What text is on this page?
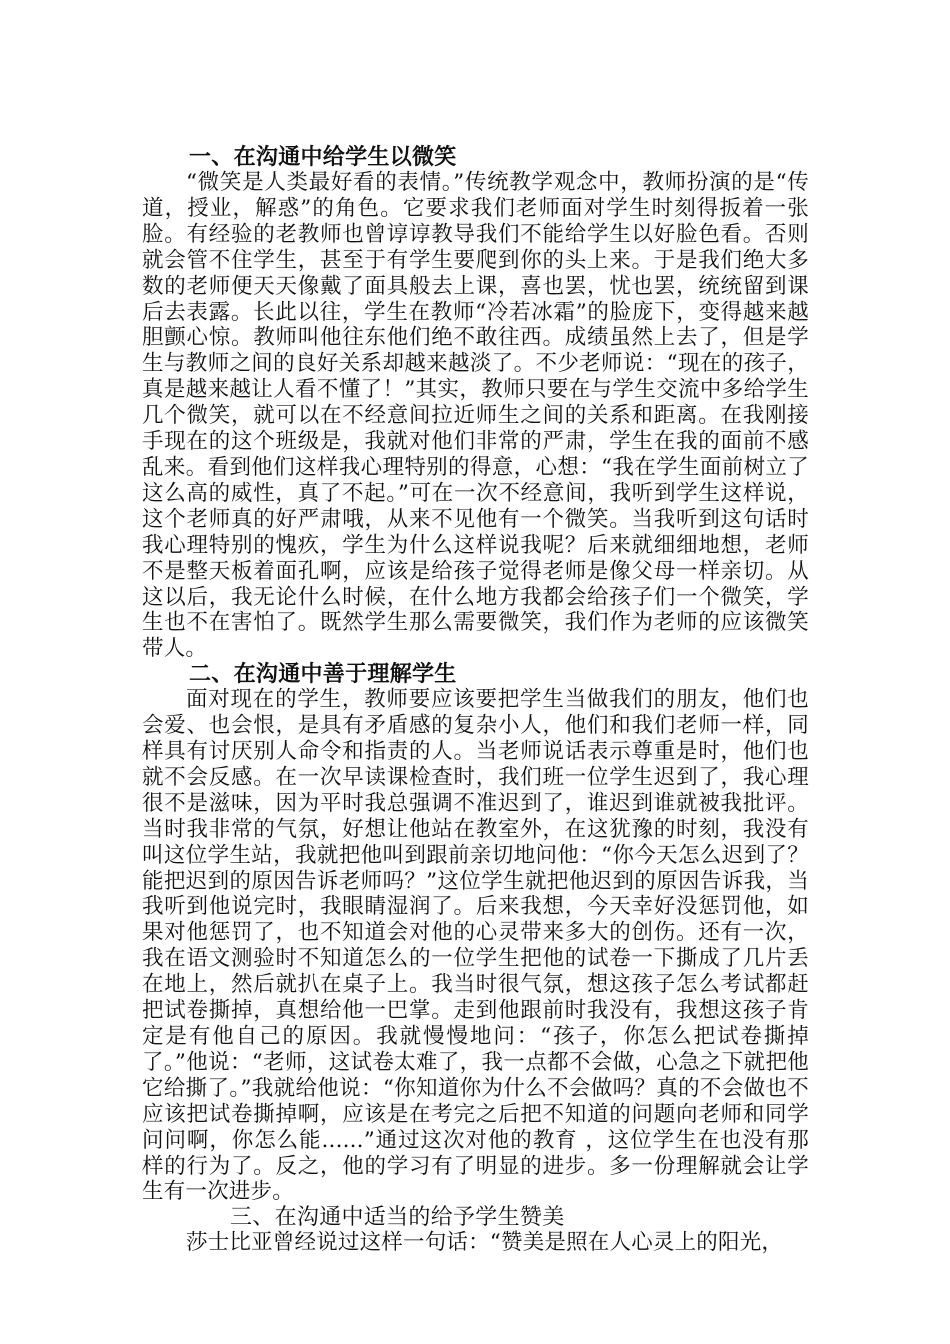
一、在沟通中给学生以微笑

“微笑是人类最好看的表情。”传统教学观念中，教师扮演的是“传道，授业，解惑”的角色。它要求我们老师面对学生时刻得扳着一张脸。有经验的老教师也曾谆谆教导我们不能给学生以好脸色看。否则就会管不住学生，甚至于有学生要爬到你的头上来。于是我们绝大多数的老师便天天像戴了面具般去上课，喜也罢，忧也罢，统统留到课后去表露。长此以往，学生在教师“冷若冰霜”的脸庞下，变得越来越胆颤心惊。教师叫他往东他们绝不敢往西。成绩虽然上去了，但是学生与教师之间的良好关系却越来越淡了。不少老师说：“现在的孩子，真是越来越让人看不懂了！”其实，教师只要在与学生交流中多给学生几个微笑，就可以在不经意间拉近师生之间的关系和距离。在我刚接手现在的这个班级是，我就对他们非常的严肃，学生在我的面前不感乱来。看到他们这样我心理特别的得意，心想：“我在学生面前树立了这么高的威性，真了不起。”可在一次不经意间，我听到学生这样说，这个老师真的好严肃哦，从来不见他有一个微笑。当我听到这句话时我心理特别的愧疚，学生为什么这样说我呢？后来就细细地想，老师不是整天板着面孔啊，应该是给孩子觉得老师是像父母一样亲切。从这以后，我无论什么时候，在什么地方我都会给孩子们一个微笑，学生也不在害怕了。既然学生那么需要微笑，我们作为老师的应该微笑带人。

二、在沟通中善于理解学生

面对现在的学生，教师要应该要把学生当做我们的朋友，他们也会爱、也会恨，是具有矛盾感的复杂小人，他们和我们老师一样，同样具有讨厌别人命令和指责的人。当老师说话表示尊重是时，他们也就不会反感。在一次早读课检查时，我们班一位学生迟到了，我心理很不是滋味，因为平时我总强调不准迟到了，谁迟到谁就被我批评。当时我非常的气氛，好想让他站在教室外，在这犹豫的时刻，我没有叫这位学生站，我就把他叫到跟前亲切地问他：“你今天怎么迟到了？能把迟到的原因告诉老师吗？”这位学生就把他迟到的原因告诉我，当我听到他说完时，我眼睛湿润了。后来我想，今天幸好没惩罚他，如果对他惩罚了，也不知道会对他的心灵带来多大的创伤。还有一次，我在语文测验时不知道怎么的一位学生把他的试卷一下撕成了几片丢在地上，然后就扒在桌子上。我当时很气氛，想这孩子怎么考试都赶把试卷撕掉，真想给他一巴掌。走到他跟前时我没有，我想这孩子肯定是有他自己的原因。我就慢慢地问：“孩子，你怎么把试卷撕掉了。”他说：“老师，这试卷太难了，我一点都不会做，心急之下就把他它给撕了。”我就给他说：“你知道你为什么不会做吗？真的不会做也不应该把试卷撕掉啊，应该是在考完之后把不知道的问题向老师和同学问问啊，你怎么能......”通过这次对他的教育 ，这位学生在也没有那样的行为了。反之，他的学习有了明显的进步。多一份理解就会让学生有一次进步。

三、在沟通中适当的给予学生赞美

莎士比亚曾经说过这样一句话：“赞美是照在人心灵上的阳光，
